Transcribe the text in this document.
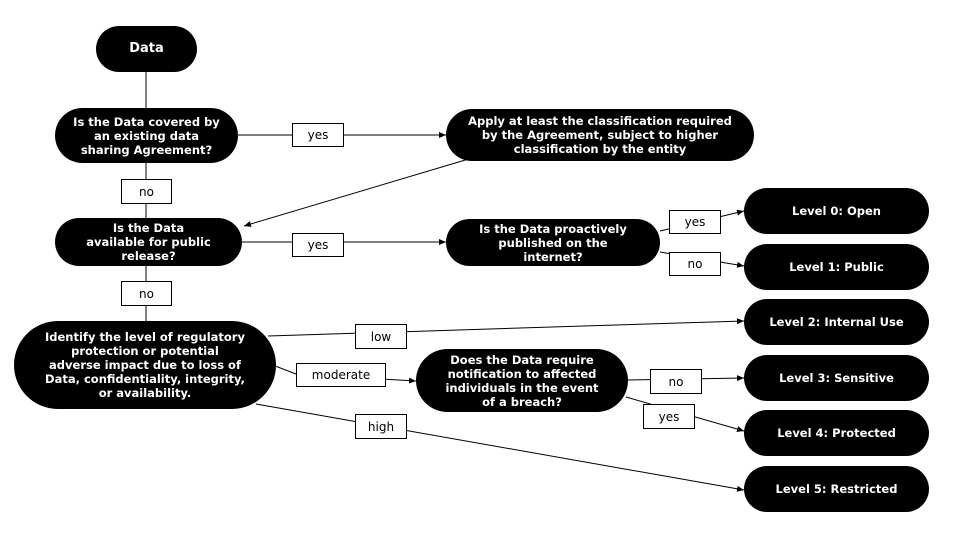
Data
Is the Data covered by an existing data sharing Agreement?
Apply at least the classification required by the Agreement, subject to higher classification by the entity
Is the Data available for public release?
Is the Data proactively published on the internet?
Identify the level of regulatory protection or potential adverse impact due to loss of Data, confidentiality, integrity, or availability.
Does the Data require notification to affected individuals in the event of a breach?
Level 0: Open
Level 1: Public
Level 2: Internal Use
Level 3: Sensitive
Level 4: Protected
Level 5: Restricted
yes
no
yes
no
yes
no
low
moderate
high
no
yes
